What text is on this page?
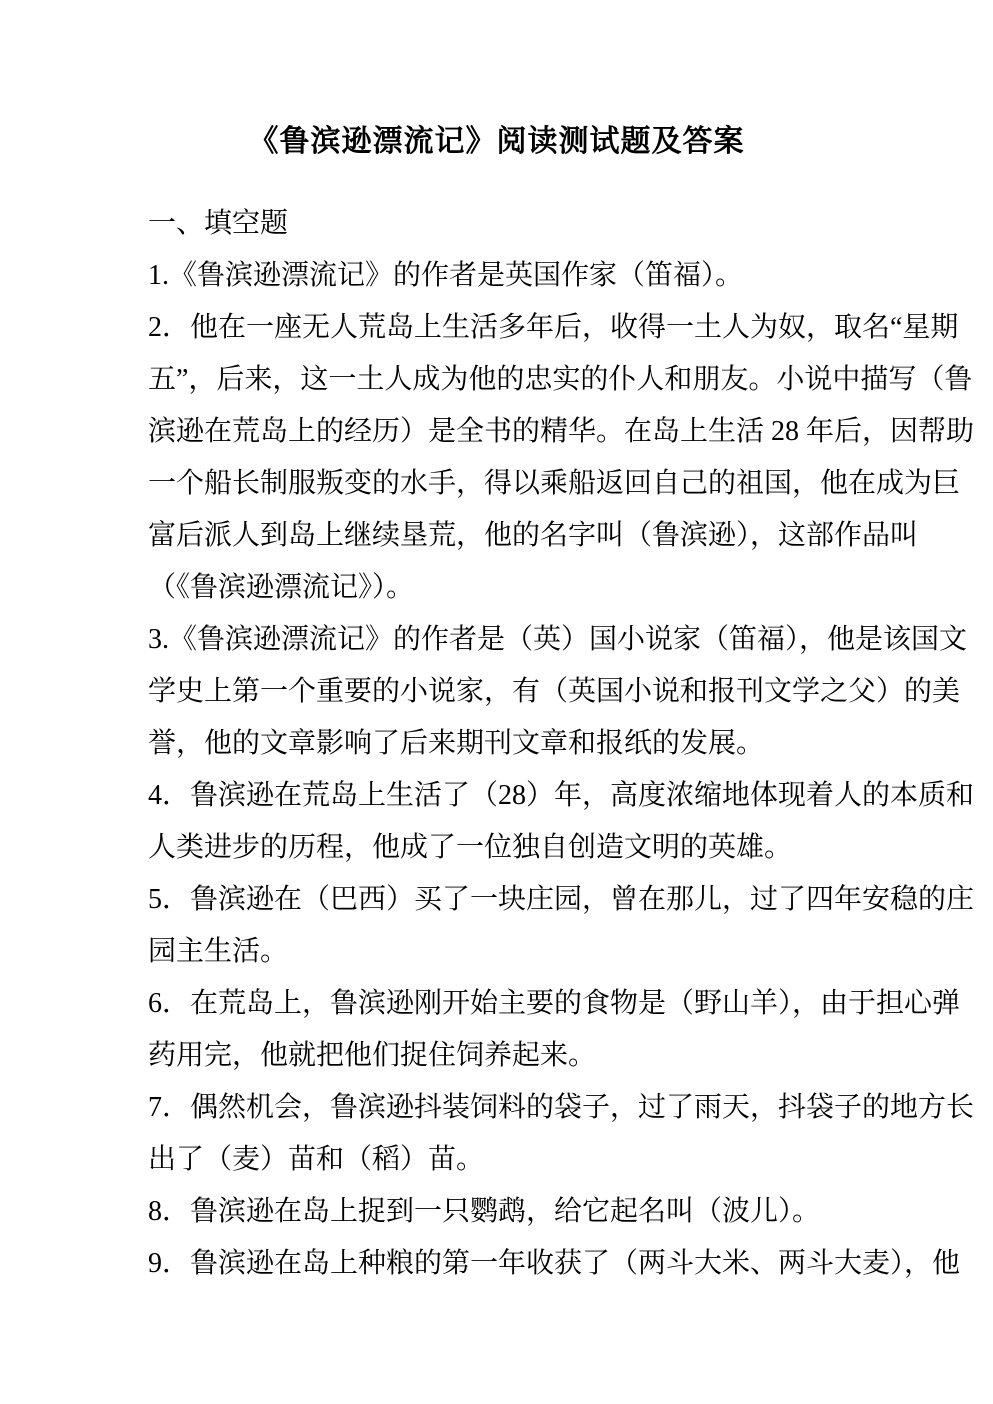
《鲁滨逊漂流记》阅读测试题及答案
一、填空题
1.《鲁滨逊漂流记》的作者是英国作家（笛福）。
2．他在一座无人荒岛上生活多年后，收得一土人为奴，取名“星期
五”，后来，这一土人成为他的忠实的仆人和朋友。小说中描写（鲁
滨逊在荒岛上的经历）是全书的精华。在岛上生活 28 年后，因帮助
一个船长制服叛变的水手，得以乘船返回自己的祖国，他在成为巨
富后派人到岛上继续垦荒，他的名字叫（鲁滨逊），这部作品叫
（《鲁滨逊漂流记》）。
3.《鲁滨逊漂流记》的作者是（英）国小说家（笛福），他是该国文
学史上第一个重要的小说家，有（英国小说和报刊文学之父）的美
誉，他的文章影响了后来期刊文章和报纸的发展。
4．鲁滨逊在荒岛上生活了（28）年，高度浓缩地体现着人的本质和
人类进步的历程，他成了一位独自创造文明的英雄。
5．鲁滨逊在（巴西）买了一块庄园，曾在那儿，过了四年安稳的庄
园主生活。
6．在荒岛上，鲁滨逊刚开始主要的食物是（野山羊），由于担心弹
药用完，他就把他们捉住饲养起来。
7．偶然机会，鲁滨逊抖装饲料的袋子，过了雨天，抖袋子的地方长
出了（麦）苗和（稻）苗。
8．鲁滨逊在岛上捉到一只鹦鹉，给它起名叫（波儿）。
9．鲁滨逊在岛上种粮的第一年收获了（两斗大米、两斗大麦），他
